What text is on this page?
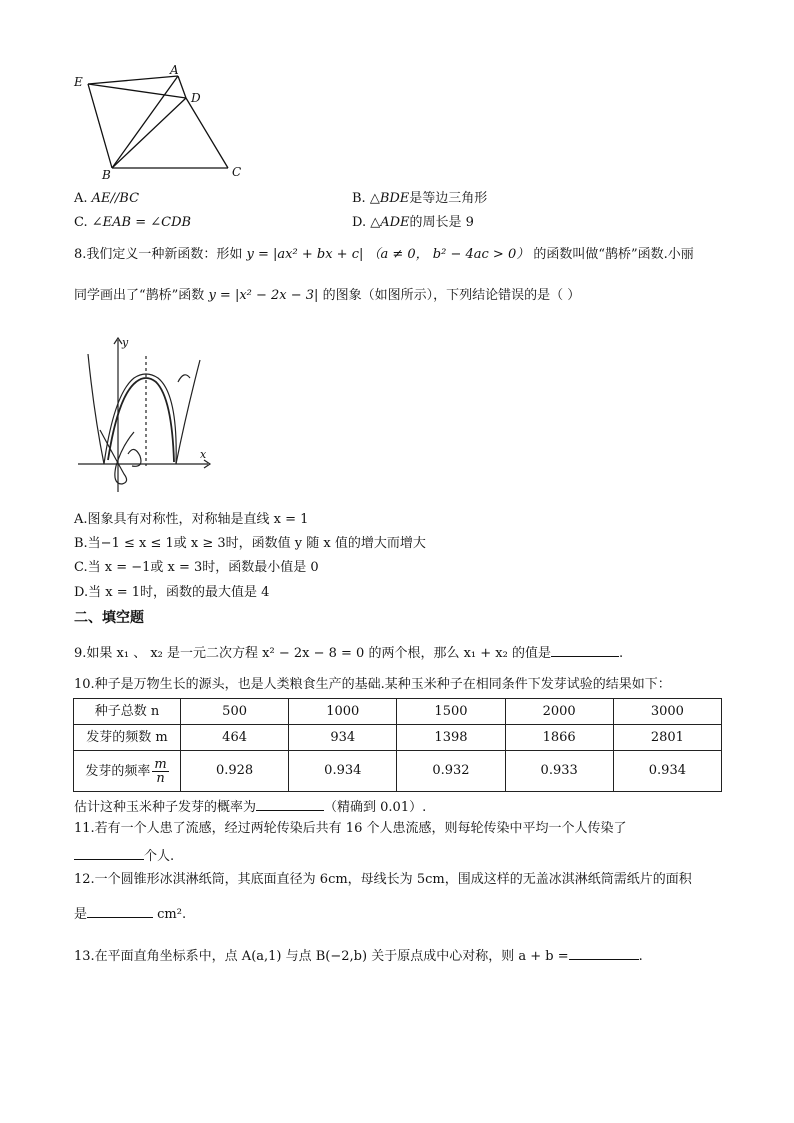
E
A
D
B	C
A. AE//BC	B. △BDE是等边三角形
C. ∠EAB = ∠CDB	D. △ADE的周长是 9
8.我们定义一种新函数：形如 y = |ax² + bx + c| （a ≠ 0， b² − 4ac > 0） 的函数叫做“鹊桥”函数.小丽
同学画出了“鹊桥”函数 y = |x² − 2x − 3| 的图象（如图所示），下列结论错误的是（ ）
x
y
A.图象具有对称性，对称轴是直线 x = 1
B.当−1 ≤ x ≤ 1或 x ≥ 3时，函数值 y 随 x 值的增大而增大
C.当 x = −1或 x = 3时，函数最小值是 0
D.当 x = 1时，函数的最大值是 4
二、填空题
9.如果 x₁ 、 x₂ 是一元二次方程 x² − 2x − 8 = 0 的两个根，那么 x₁ + x₂ 的值是	.
10.种子是万物生长的源头，也是人类粮食生产的基础.某种玉米种子在相同条件下发芽试验的结果如下：
种子总数 n	500	1000	1500	2000	3000
发芽的频数 m	464	934	1398	1866	2801
发芽的频率 $\frac{m}{n}$	0.928	0.934	0.932	0.933	0.934
估计这种玉米种子发芽的概率为	（精确到 0.01）.
11.若有一个人患了流感，经过两轮传染后共有 16 个人患流感，则每轮传染中平均一个人传染了
个人.
12.一个圆锥形冰淇淋纸筒，其底面直径为 6cm，母线长为 5cm，围成这样的无盖冰淇淋纸筒需纸片的面积
是	cm².
13.在平面直角坐标系中，点 A(a,1) 与点 B(−2,b) 关于原点成中心对称，则 a + b =	.
